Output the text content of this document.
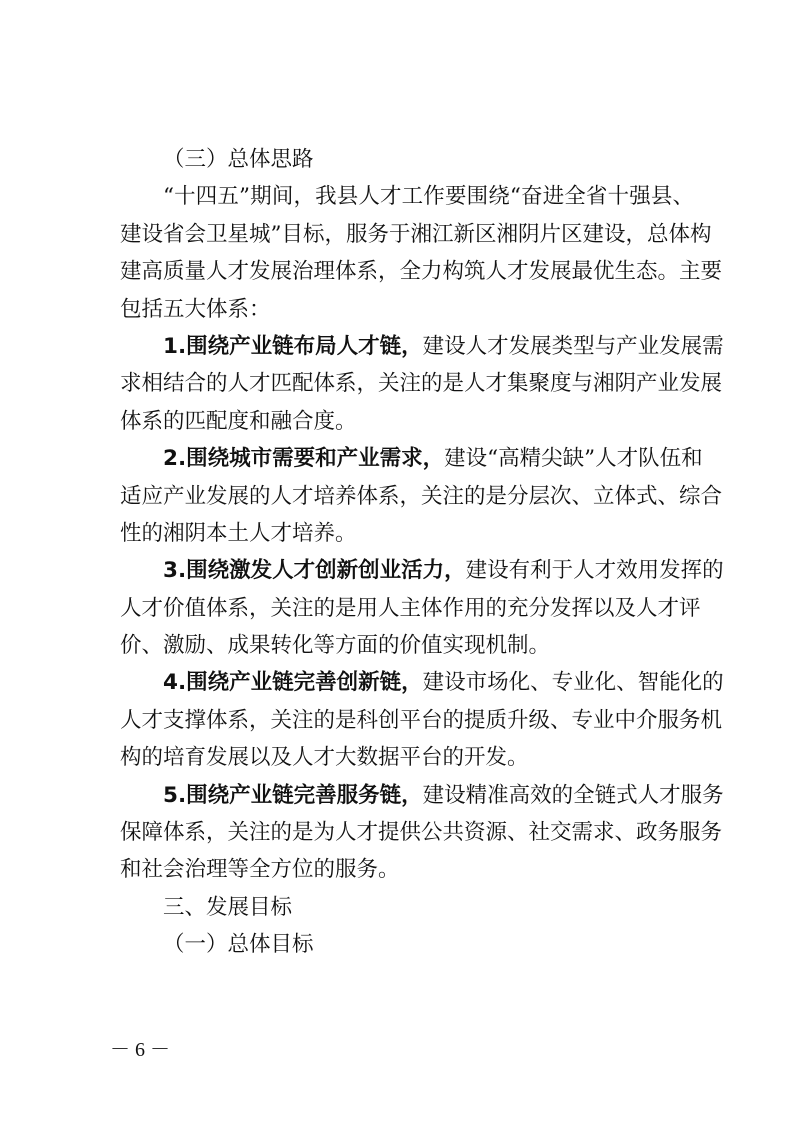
（三）总体思路
“十四五”期间，我县人才工作要围绕“奋进全省十强县、
建设省会卫星城”目标，服务于湘江新区湘阴片区建设，总体构
建高质量人才发展治理体系，全力构筑人才发展最优生态。主要
包括五大体系：
1.围绕产业链布局人才链，建设人才发展类型与产业发展需
求相结合的人才匹配体系，关注的是人才集聚度与湘阴产业发展
体系的匹配度和融合度。
2.围绕城市需要和产业需求，建设“高精尖缺”人才队伍和
适应产业发展的人才培养体系，关注的是分层次、立体式、综合
性的湘阴本土人才培养。
3.围绕激发人才创新创业活力，建设有利于人才效用发挥的
人才价值体系，关注的是用人主体作用的充分发挥以及人才评
价、激励、成果转化等方面的价值实现机制。
4.围绕产业链完善创新链，建设市场化、专业化、智能化的
人才支撑体系，关注的是科创平台的提质升级、专业中介服务机
构的培育发展以及人才大数据平台的开发。
5.围绕产业链完善服务链，建设精准高效的全链式人才服务
保障体系，关注的是为人才提供公共资源、社交需求、政务服务
和社会治理等全方位的服务。
三、发展目标
（一）总体目标
－ 6 －
